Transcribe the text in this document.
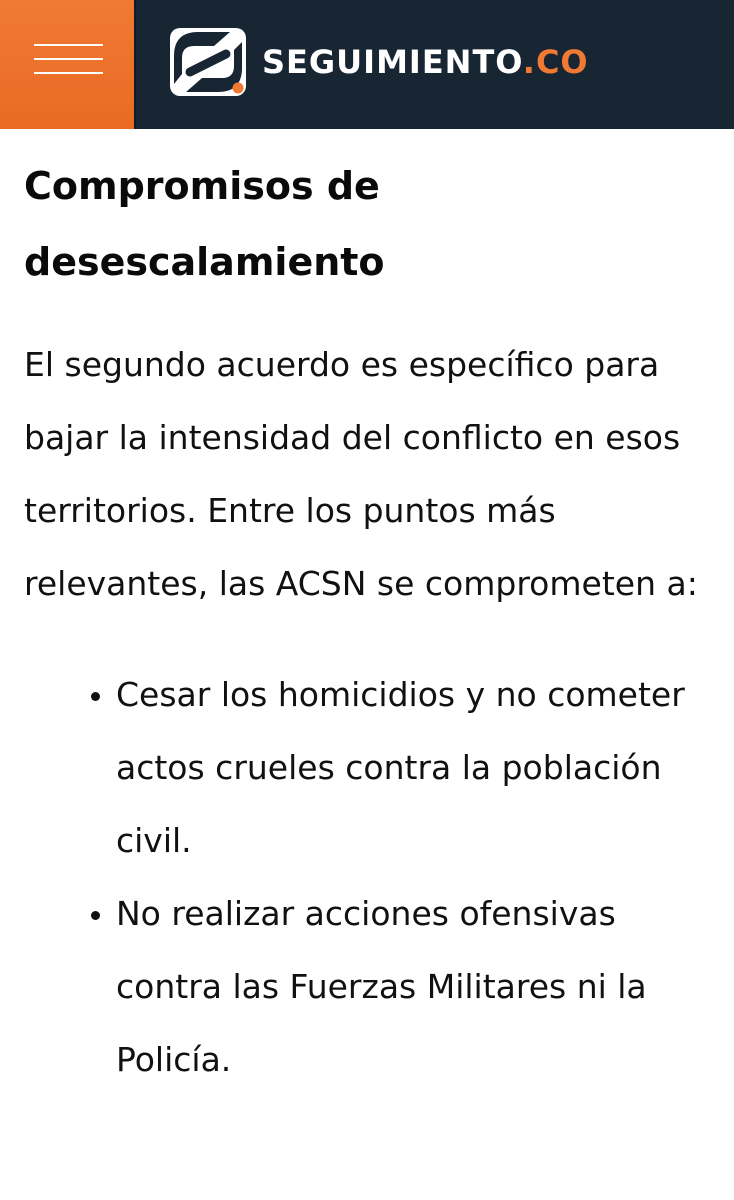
SEGUIMIENTO.CO
Compromisos de desescalamiento

El segundo acuerdo es específico para bajar la intensidad del conflicto en esos territorios. Entre los puntos más relevantes, las ACSN se comprometen a:

• Cesar los homicidios y no cometer actos crueles contra la población civil.
• No realizar acciones ofensivas contra las Fuerzas Militares ni la Policía.
